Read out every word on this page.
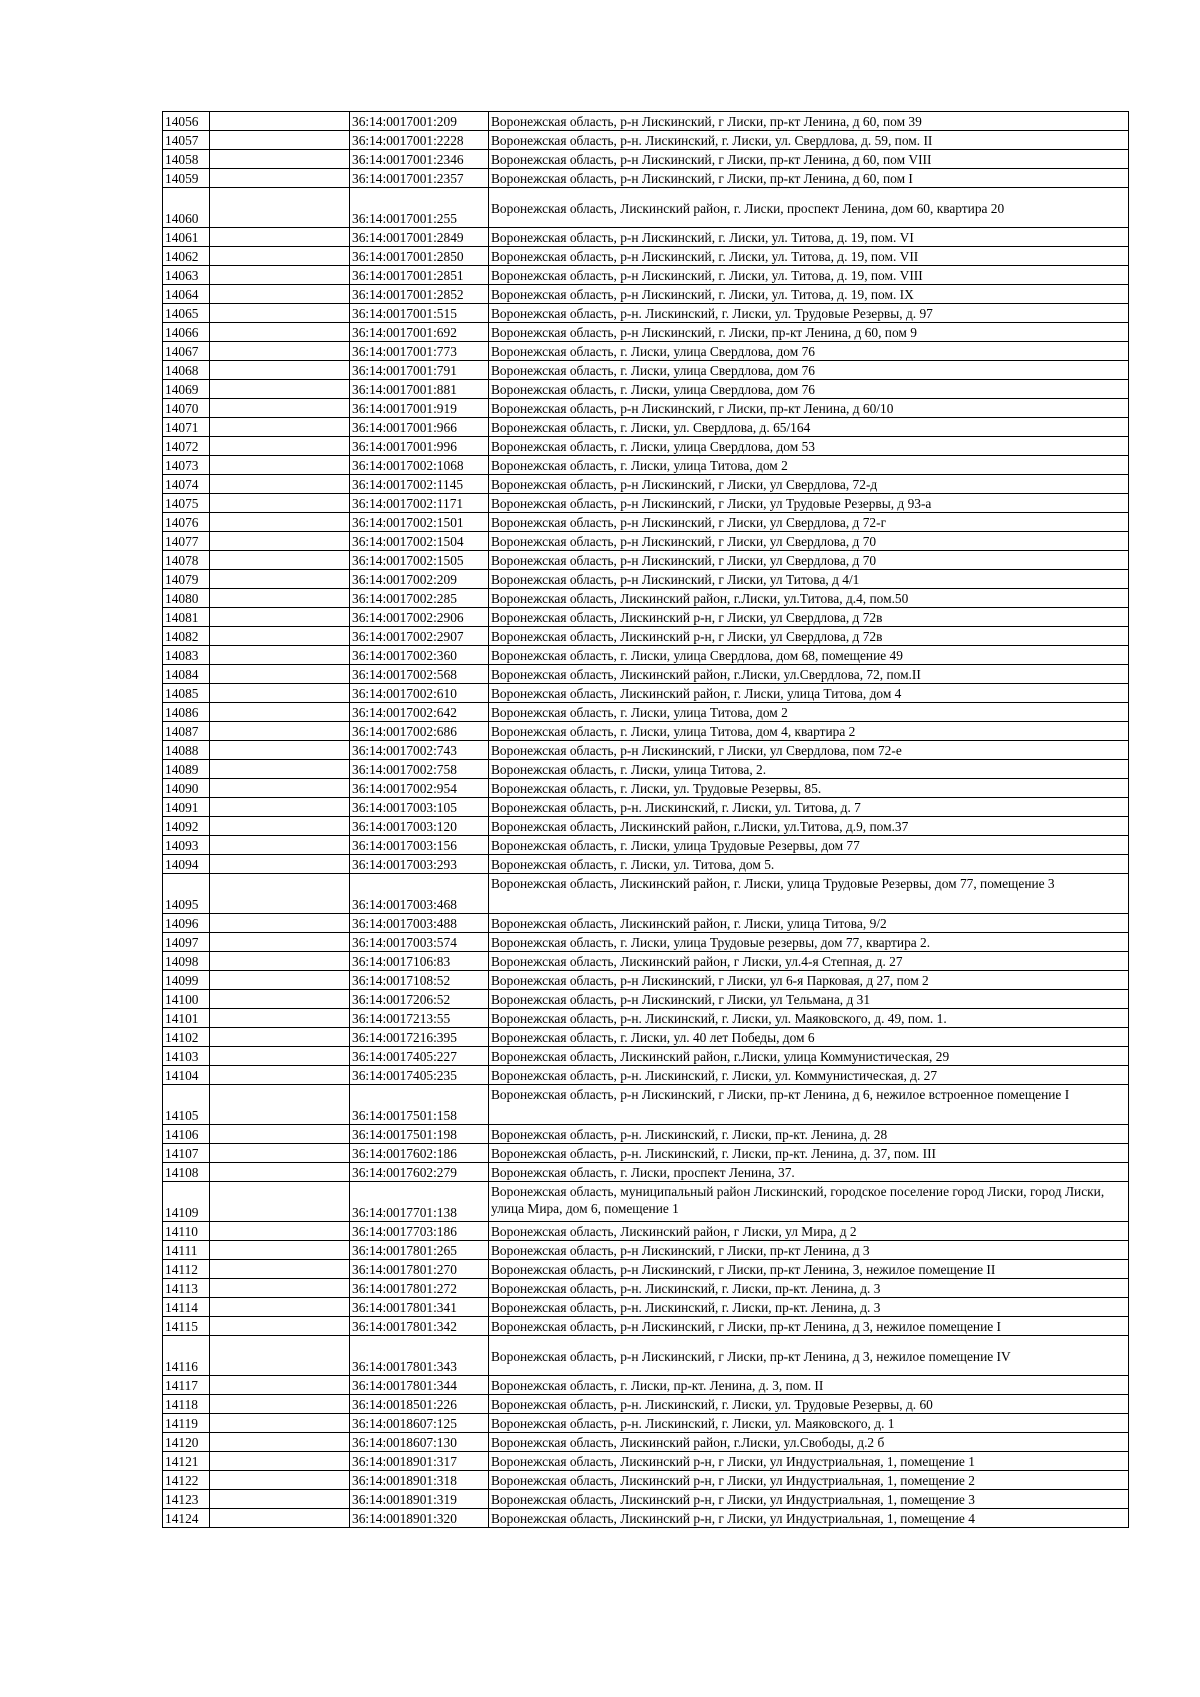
14056		36:14:0017001:209	Воронежская область, р-н Лискинский, г Лиски, пр-кт Ленина, д 60, пом 39
14057		36:14:0017001:2228	Воронежская область, р-н. Лискинский, г. Лиски, ул. Свердлова, д. 59, пом. II
14058		36:14:0017001:2346	Воронежская область, р-н Лискинский, г Лиски, пр-кт Ленина, д 60, пом VIII
14059		36:14:0017001:2357	Воронежская область, р-н Лискинский, г Лиски, пр-кт Ленина, д 60, пом I
14060		36:14:0017001:255	Воронежская область, Лискинский район, г. Лиски, проспект Ленина, дом 60, квартира 20
14061		36:14:0017001:2849	Воронежская область, р-н Лискинский, г. Лиски, ул. Титова, д. 19, пом. VI
14062		36:14:0017001:2850	Воронежская область, р-н Лискинский, г. Лиски, ул. Титова, д. 19, пом. VII
14063		36:14:0017001:2851	Воронежская область, р-н Лискинский, г. Лиски, ул. Титова, д. 19, пом. VIII
14064		36:14:0017001:2852	Воронежская область, р-н Лискинский, г. Лиски, ул. Титова, д. 19, пом. IX
14065		36:14:0017001:515	Воронежская область, р-н. Лискинский, г. Лиски, ул. Трудовые Резервы, д. 97
14066		36:14:0017001:692	Воронежская область, р-н Лискинский, г. Лиски, пр-кт Ленина, д 60, пом 9
14067		36:14:0017001:773	Воронежская область, г. Лиски, улица Свердлова, дом 76
14068		36:14:0017001:791	Воронежская область, г. Лиски, улица Свердлова, дом 76
14069		36:14:0017001:881	Воронежская область, г. Лиски, улица Свердлова, дом 76
14070		36:14:0017001:919	Воронежская область, р-н Лискинский, г Лиски, пр-кт Ленина, д 60/10
14071		36:14:0017001:966	Воронежская область, г. Лиски, ул. Свердлова, д. 65/164
14072		36:14:0017001:996	Воронежская область, г. Лиски, улица Свердлова, дом 53
14073		36:14:0017002:1068	Воронежская область, г. Лиски, улица Титова, дом 2
14074		36:14:0017002:1145	Воронежская область, р-н Лискинский, г Лиски, ул Свердлова, 72-д
14075		36:14:0017002:1171	Воронежская область, р-н Лискинский, г Лиски, ул Трудовые Резервы, д 93-а
14076		36:14:0017002:1501	Воронежская область, р-н Лискинский, г Лиски, ул Свердлова, д 72-г
14077		36:14:0017002:1504	Воронежская область, р-н Лискинский, г Лиски, ул Свердлова, д 70
14078		36:14:0017002:1505	Воронежская область, р-н Лискинский, г Лиски, ул Свердлова, д 70
14079		36:14:0017002:209	Воронежская область, р-н Лискинский, г Лиски, ул Титова, д 4/1
14080		36:14:0017002:285	Воронежская область, Лискинский район, г.Лиски, ул.Титова, д.4, пом.50
14081		36:14:0017002:2906	Воронежская область, Лискинский р-н, г Лиски, ул Свердлова, д 72в
14082		36:14:0017002:2907	Воронежская область, Лискинский р-н, г Лиски, ул Свердлова, д 72в
14083		36:14:0017002:360	Воронежская область, г. Лиски, улица Свердлова, дом 68, помещение 49
14084		36:14:0017002:568	Воронежская область, Лискинский район, г.Лиски, ул.Свердлова, 72, пом.II
14085		36:14:0017002:610	Воронежская область, Лискинский район, г. Лиски, улица Титова, дом 4
14086		36:14:0017002:642	Воронежская область, г. Лиски, улица Титова, дом 2
14087		36:14:0017002:686	Воронежская область, г. Лиски, улица Титова, дом 4, квартира 2
14088		36:14:0017002:743	Воронежская область, р-н Лискинский, г Лиски, ул Свердлова, пом 72-е
14089		36:14:0017002:758	Воронежская область, г. Лиски, улица Титова, 2.
14090		36:14:0017002:954	Воронежская область, г. Лиски, ул. Трудовые Резервы, 85.
14091		36:14:0017003:105	Воронежская область, р-н. Лискинский, г. Лиски, ул. Титова, д. 7
14092		36:14:0017003:120	Воронежская область, Лискинский район, г.Лиски, ул.Титова, д.9, пом.37
14093		36:14:0017003:156	Воронежская область, г. Лиски, улица Трудовые Резервы, дом 77
14094		36:14:0017003:293	Воронежская область, г. Лиски, ул. Титова, дом 5.
14095		36:14:0017003:468	Воронежская область, Лискинский район, г. Лиски, улица Трудовые Резервы, дом 77, помещение 3
14096		36:14:0017003:488	Воронежская область, Лискинский район, г. Лиски, улица Титова, 9/2
14097		36:14:0017003:574	Воронежская область, г. Лиски, улица Трудовые резервы, дом 77, квартира 2.
14098		36:14:0017106:83	Воронежская область, Лискинский район, г Лиски, ул.4-я Степная, д. 27
14099		36:14:0017108:52	Воронежская область, р-н Лискинский, г Лиски, ул 6-я Парковая, д 27, пом 2
14100		36:14:0017206:52	Воронежская область, р-н Лискинский, г Лиски, ул Тельмана, д 31
14101		36:14:0017213:55	Воронежская область, р-н. Лискинский, г. Лиски, ул. Маяковского, д. 49, пом. 1.
14102		36:14:0017216:395	Воронежская область, г. Лиски, ул. 40 лет Победы, дом 6
14103		36:14:0017405:227	Воронежская область, Лискинский район, г.Лиски, улица Коммунистическая, 29
14104		36:14:0017405:235	Воронежская область, р-н. Лискинский, г. Лиски, ул. Коммунистическая, д. 27
14105		36:14:0017501:158	Воронежская область, р-н Лискинский, г Лиски, пр-кт Ленина, д 6, нежилое встроенное помещение I
14106		36:14:0017501:198	Воронежская область, р-н. Лискинский, г. Лиски, пр-кт. Ленина, д. 28
14107		36:14:0017602:186	Воронежская область, р-н. Лискинский, г. Лиски, пр-кт. Ленина, д. 37, пом. III
14108		36:14:0017602:279	Воронежская область, г. Лиски, проспект Ленина, 37.
14109		36:14:0017701:138	Воронежская область, муниципальный район Лискинский, городское поселение город Лиски, город Лиски, улица Мира, дом 6, помещение 1
14110		36:14:0017703:186	Воронежская область, Лискинский район, г Лиски, ул Мира, д 2
14111		36:14:0017801:265	Воронежская область, р-н Лискинский, г Лиски, пр-кт Ленина, д 3
14112		36:14:0017801:270	Воронежская область, р-н Лискинский, г Лиски, пр-кт Ленина, 3, нежилое помещение II
14113		36:14:0017801:272	Воронежская область, р-н. Лискинский, г. Лиски, пр-кт. Ленина, д. 3
14114		36:14:0017801:341	Воронежская область, р-н. Лискинский, г. Лиски, пр-кт. Ленина, д. 3
14115		36:14:0017801:342	Воронежская область, р-н Лискинский, г Лиски, пр-кт Ленина, д 3, нежилое помещение I
14116		36:14:0017801:343	Воронежская область, р-н Лискинский, г Лиски, пр-кт Ленина, д 3, нежилое помещение IV
14117		36:14:0017801:344	Воронежская область, г. Лиски, пр-кт. Ленина, д. 3, пом. II
14118		36:14:0018501:226	Воронежская область, р-н. Лискинский, г. Лиски, ул. Трудовые Резервы, д. 60
14119		36:14:0018607:125	Воронежская область, р-н. Лискинский, г. Лиски, ул. Маяковского, д. 1
14120		36:14:0018607:130	Воронежская область, Лискинский район, г.Лиски, ул.Свободы, д.2 б
14121		36:14:0018901:317	Воронежская область, Лискинский р-н, г Лиски, ул Индустриальная, 1, помещение 1
14122		36:14:0018901:318	Воронежская область, Лискинский р-н, г Лиски, ул Индустриальная, 1, помещение 2
14123		36:14:0018901:319	Воронежская область, Лискинский р-н, г Лиски, ул Индустриальная, 1, помещение 3
14124		36:14:0018901:320	Воронежская область, Лискинский р-н, г Лиски, ул Индустриальная, 1, помещение 4
